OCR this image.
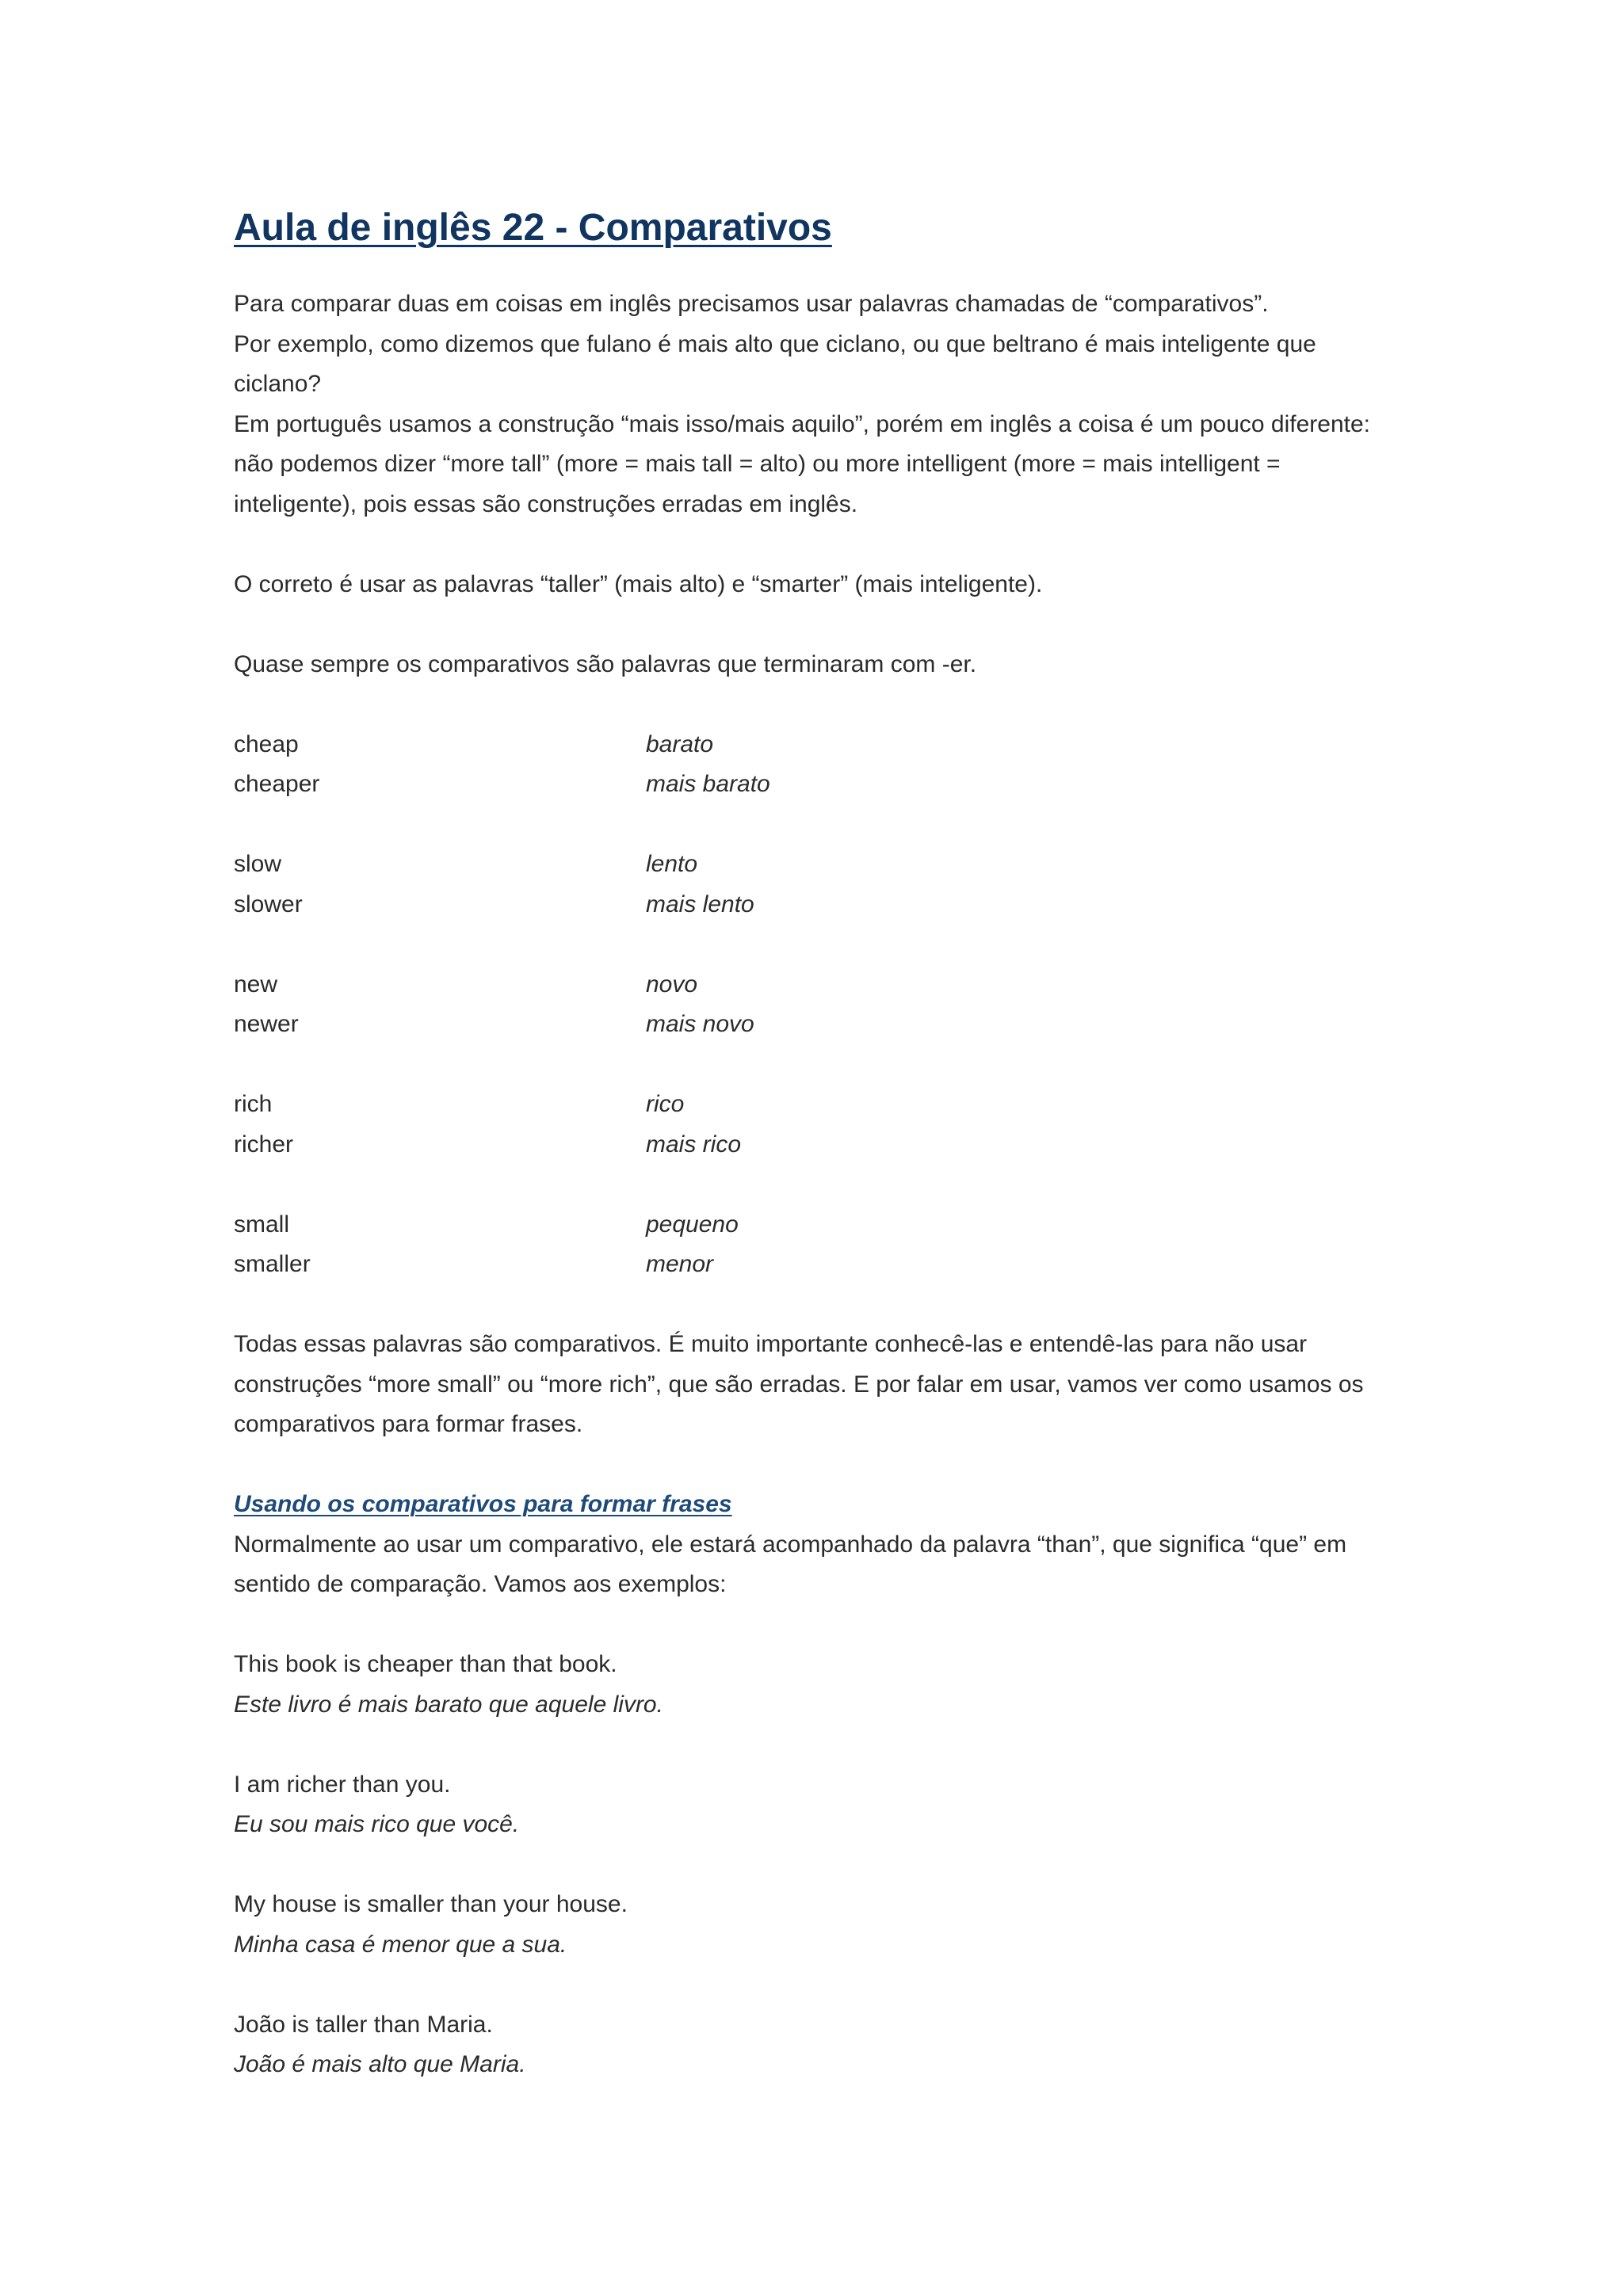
Aula de inglês 22 - Comparativos

Para comparar duas em coisas em inglês precisamos usar palavras chamadas de “comparativos”.

Por exemplo, como dizemos que fulano é mais alto que ciclano, ou que beltrano é mais inteligente que ciclano?

Em português usamos a construção “mais isso/mais aquilo”, porém em inglês a coisa é um pouco diferente: não podemos dizer “more tall” (more = mais tall = alto) ou more intelligent (more = mais intelligent = inteligente), pois essas são construções erradas em inglês.

O correto é usar as palavras “taller” (mais alto) e “smarter” (mais inteligente).

Quase sempre os comparativos são palavras que terminaram com -er.

cheap	barato
cheaper	mais barato
slow	lento
slower	mais lento
new	novo
newer	mais novo
rich	rico
richer	mais rico
small	pequeno
smaller	menor

Todas essas palavras são comparativos. É muito importante conhecê-las e entendê-las para não usar construções “more small” ou “more rich”, que são erradas. E por falar em usar, vamos ver como usamos os comparativos para formar frases.

Usando os comparativos para formar frases

Normalmente ao usar um comparativo, ele estará acompanhado da palavra “than”, que significa “que” em sentido de comparação. Vamos aos exemplos:

This book is cheaper than that book.

Este livro é mais barato que aquele livro.

I am richer than you.

Eu sou mais rico que você.

My house is smaller than your house.

Minha casa é menor que a sua.

João is taller than Maria.

João é mais alto que Maria.
